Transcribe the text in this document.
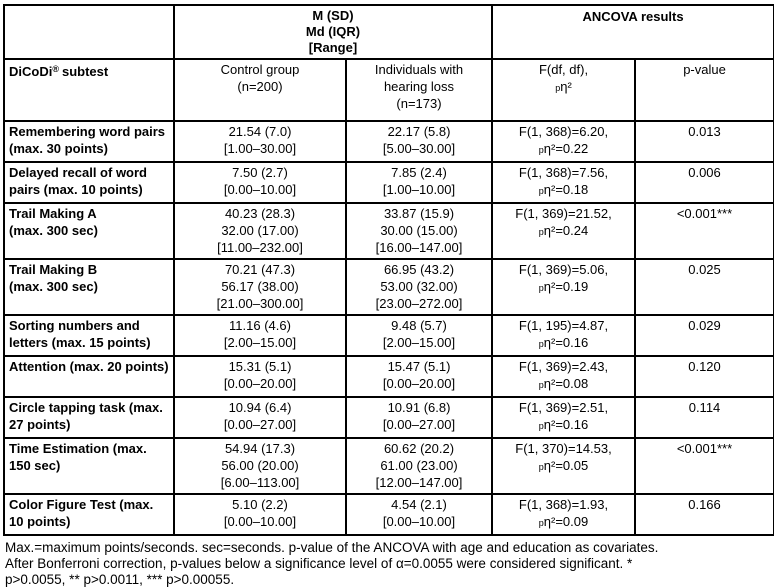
	M (SD)
Md (IQR)
[Range]		ANCOVA results	
DiCoDi® subtest	Control group
(n=200)

Individuals with
hearing loss
(n=173)

F(df, df),
pη²
	p-value

Remembering word pairs
(max. 30 points)

21.54 (7.0)
[1.00–30.00]

22.17 (5.8)
[5.00–30.00]

F(1, 368)=6.20,
pη²=0.22
	0.013

Delayed recall of word
pairs (max. 10 points)

7.50 (2.7)
[0.00–10.00]

7.85 (2.4)
[1.00–10.00]

F(1, 368)=7.56,
pη²=0.18
	0.006

Trail Making A
(max. 300 sec)

40.23 (28.3)
32.00 (17.00)
[11.00–232.00]

33.87 (15.9)
30.00 (15.00)
[16.00–147.00]

F(1, 369)=21.52,
pη²=0.24
	<0.001***

Trail Making B
(max. 300 sec)

70.21 (47.3)
56.17 (38.00)
[21.00–300.00]

66.95 (43.2)
53.00 (32.00)
[23.00–272.00]

F(1, 369)=5.06,
pη²=0.19
	0.025

Sorting numbers and
letters (max. 15 points)

11.16 (4.6)
[2.00–15.00]

9.48 (5.7)
[2.00–15.00]

F(1, 195)=4.87,
pη²=0.16
	0.029

Attention (max. 20 points)	15.31 (5.1)
[0.00–20.00]

15.47 (5.1)
[0.00–20.00]

F(1, 369)=2.43,
pη²=0.08
	0.120

Circle tapping task (max.
27 points)

10.94 (6.4)
[0.00–27.00]

10.91 (6.8)
[0.00–27.00]

F(1, 369)=2.51,
pη²=0.16
	0.114

Time Estimation (max.
150 sec)

54.94 (17.3)
56.00 (20.00)
[6.00–113.00]

60.62 (20.2)
61.00 (23.00)
[12.00–147.00]

F(1, 370)=14.53,
pη²=0.05
	<0.001***

Color Figure Test (max.
10 points)

5.10 (2.2)
[0.00–10.00]

4.54 (2.1)
[0.00–10.00]

F(1, 368)=1.93,
pη²=0.09
	0.166
Max.=maximum points/seconds. sec=seconds. p-value of the ANCOVA with age and education as covariates.
After Bonferroni correction, p-values below a significance level of α=0.0055 were considered significant. *
p>0.0055, ** p>0.0011, *** p>0.00055.
